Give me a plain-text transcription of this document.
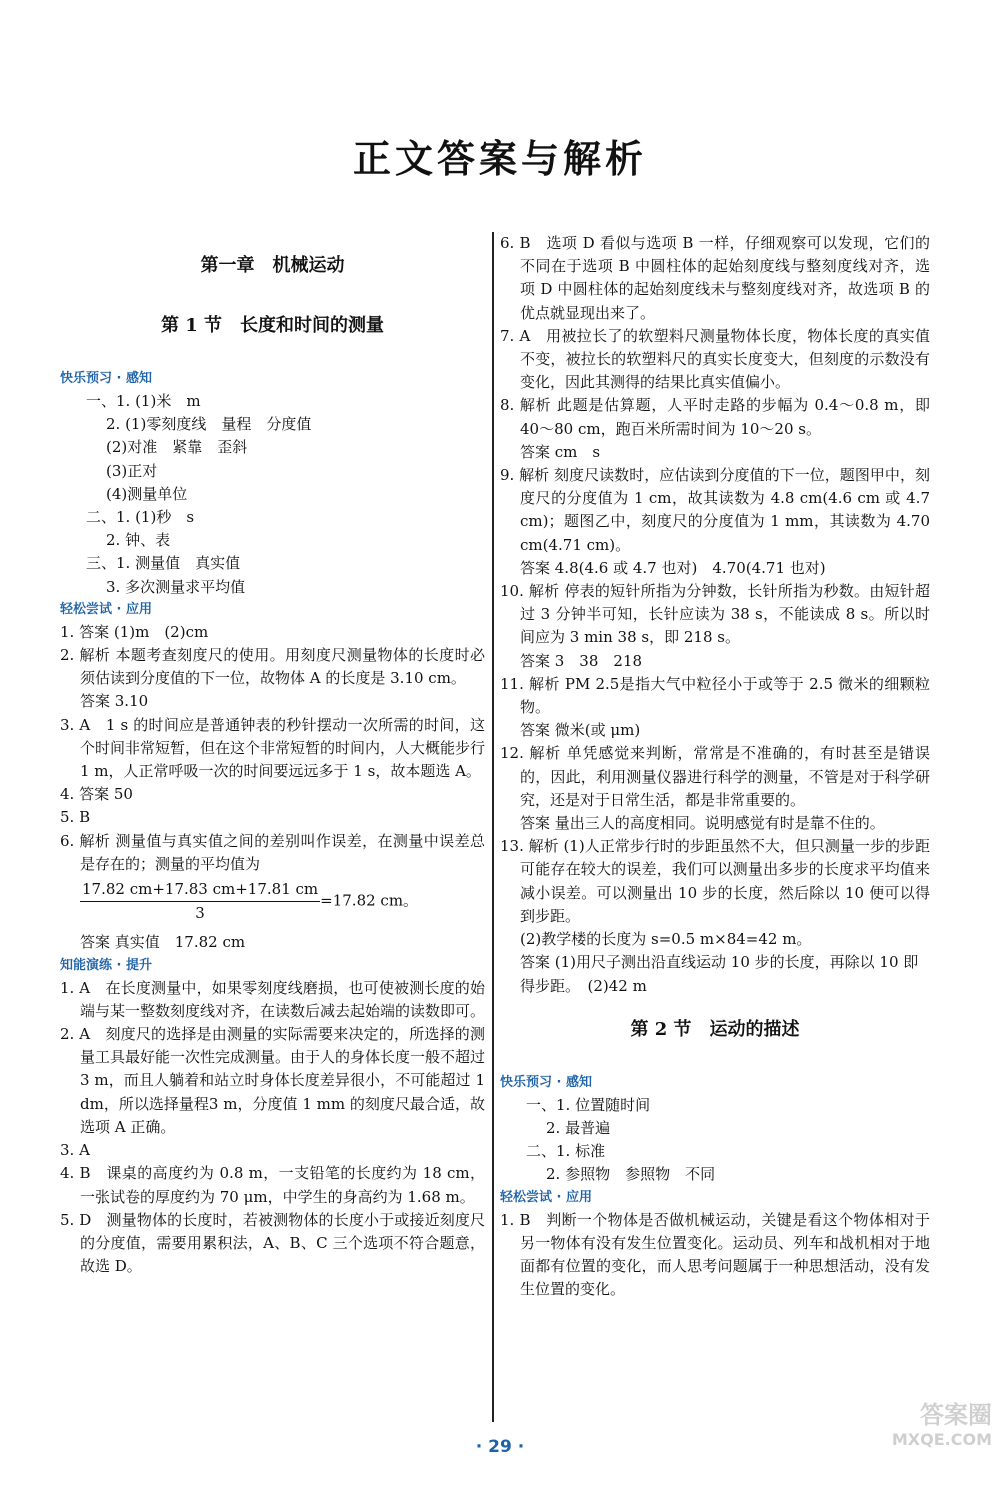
正文答案与解析
第一章　机械运动
第 1 节　长度和时间的测量
快乐预习 · 感知
一、1. (1)米　m
2. (1)零刻度线　量程　分度值
(2)对准　紧靠　歪斜
(3)正对
(4)测量单位
二、1. (1)秒　s
2. 钟、表
三、1. 测量值　真实值
3. 多次测量求平均值
轻松尝试 · 应用
1. 答案 (1)m　(2)cm
2. 解析 本题考查刻度尺的使用。用刻度尺测量物体的长度时必须估读到分度值的下一位，故物体 A 的长度是 3.10 cm。
答案 3.10
3. A　1 s 的时间应是普通钟表的秒针摆动一次所需的时间，这个时间非常短暂，但在这个非常短暂的时间内，人大概能步行 1 m，人正常呼吸一次的时间要远远多于 1 s，故本题选 A。
4. 答案 50
5. B
6. 解析 测量值与真实值之间的差别叫作误差，在测量中误差总是存在的；测量的平均值为
$\frac{17.82 cm+17.83 cm+17.81 cm}{3} =17.82$ cm。
答案 真实值　17.82 cm
知能演练 · 提升
1. A　在长度测量中，如果零刻度线磨损，也可使被测长度的始端与某一整数刻度线对齐，在读数后减去起始端的读数即可。
2. A　刻度尺的选择是由测量的实际需要来决定的，所选择的测量工具最好能一次性完成测量。由于人的身体长度一般不超过 3 m，而且人躺着和站立时身体长度差异很小，不可能超过 1 dm，所以选择量程3 m，分度值 1 mm 的刻度尺最合适，故选项 A 正确。
3. A
4. B　课桌的高度约为 0.8 m，一支铅笔的长度约为 18 cm，一张试卷的厚度约为 70 μm，中学生的身高约为 1.68 m。
5. D　测量物体的长度时，若被测物体的长度小于或接近刻度尺的分度值，需要用累积法，A、B、C 三个选项不符合题意，故选 D。
6. B　选项 D 看似与选项 B 一样，仔细观察可以发现，它们的不同在于选项 B 中圆柱体的起始刻度线与整刻度线对齐，选项 D 中圆柱体的起始刻度线未与整刻度线对齐，故选项 B 的优点就显现出来了。
7. A　用被拉长了的软塑料尺测量物体长度，物体长度的真实值不变，被拉长的软塑料尺的真实长度变大，但刻度的示数没有变化，因此其测得的结果比真实值偏小。
8. 解析 此题是估算题，人平时走路的步幅为 0.4～0.8 m，即 40～80 cm，跑百米所需时间为 10～20 s。
答案 cm　s
9. 解析 刻度尺读数时，应估读到分度值的下一位，题图甲中，刻度尺的分度值为 1 cm，故其读数为 4.8 cm(4.6 cm 或 4.7 cm)；题图乙中，刻度尺的分度值为 1 mm，其读数为 4.70 cm(4.71 cm)。
答案 4.8(4.6 或 4.7 也对)　4.70(4.71 也对)
10. 解析 停表的短针所指为分钟数，长针所指为秒数。由短针超过 3 分钟半可知，长针应读为 38 s，不能读成 8 s。所以时间应为 3 min 38 s，即 218 s。
答案 3　38　218
11. 解析 PM 2.5是指大气中粒径小于或等于 2.5 微米的细颗粒物。
答案 微米(或 μm)
12. 解析 单凭感觉来判断，常常是不准确的，有时甚至是错误的，因此，利用测量仪器进行科学的测量，不管是对于科学研究，还是对于日常生活，都是非常重要的。
答案 量出三人的高度相同。说明感觉有时是靠不住的。
13. 解析 (1)人正常步行时的步距虽然不大，但只测量一步的步距可能存在较大的误差，我们可以测量出多步的长度求平均值来减小误差。可以测量出 10 步的长度，然后除以 10 便可以得到步距。
(2)教学楼的长度为 s=0.5 m×84=42 m。
答案 (1)用尺子测出沿直线运动 10 步的长度，再除以 10 即得步距。　(2)42 m
第 2 节　运动的描述
快乐预习 · 感知
一、1. 位置随时间
2. 最普遍
二、1. 标准
2. 参照物　参照物　不同
轻松尝试 · 应用
1. B　判断一个物体是否做机械运动，关键是看这个物体相对于另一物体有没有发生位置变化。运动员、列车和战机相对于地面都有位置的变化，而人思考问题属于一种思想活动，没有发生位置的变化。
· 29 ·
答案圈
MXQE.COM
